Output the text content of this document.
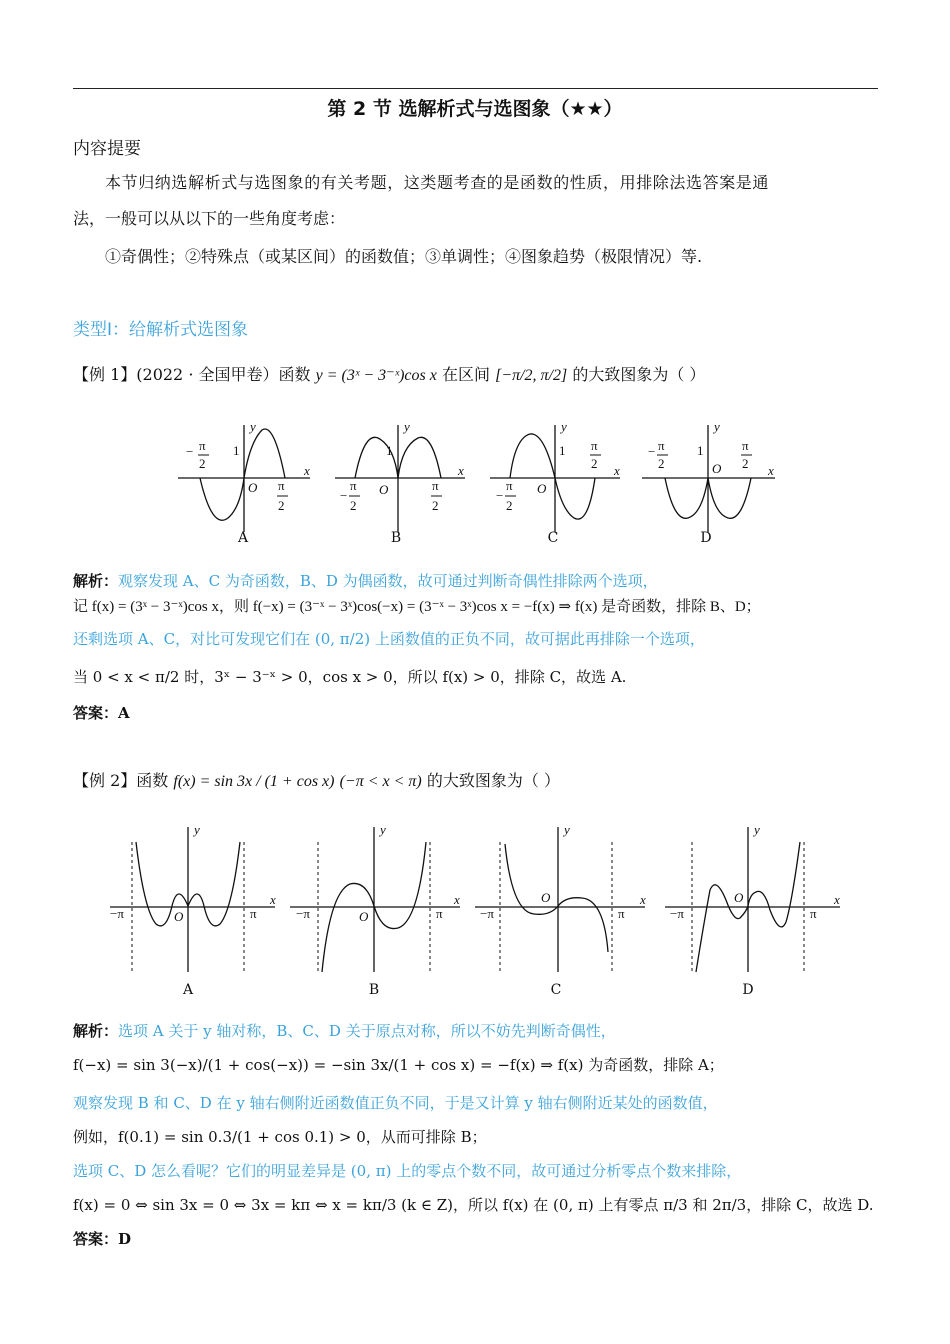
第 2 节 选解析式与选图象（★★）
内容提要
本节归纳选解析式与选图象的有关考题，这类题考查的是函数的性质，用排除法选答案是通
法，一般可以从以下的一些角度考虑：
①奇偶性；②特殊点（或某区间）的函数值；③单调性；④图象趋势（极限情况）等.
类型Ⅰ：给解析式选图象
【例 1】(2022 · 全国甲卷）函数 y = (3ˣ − 3⁻ˣ)cos x 在区间 [−π/2, π/2] 的大致图象为（ ）
y
x
O
1
− π
2
π
2
y
x
O
1
−
π
2
π
2
y
x
O
1
−
π
2
π
2
y
x
O
1
− π
2
π
2
A	B	C	D
解析：观察发现 A、C 为奇函数，B、D 为偶函数，故可通过判断奇偶性排除两个选项，
记 f(x) = (3ˣ − 3⁻ˣ)cos x，则 f(−x) = (3⁻ˣ − 3ˣ)cos(−x) = (3⁻ˣ − 3ˣ)cos x = −f(x) ⇒ f(x) 是奇函数，排除 B、D；
还剩选项 A、C，对比可发现它们在 (0, π/2) 上函数值的正负不同，故可据此再排除一个选项，
当 0 < x < π/2 时，3ˣ − 3⁻ˣ > 0，cos x > 0，所以 f(x) > 0，排除 C，故选 A.
答案：A
【例 2】函数 f(x) = sin 3x / (1 + cos x) (−π < x < π) 的大致图象为（ ）
y
x
O
−π	π
y
x
O
−π	π
y
x
O
−π	π
y
x
O
−π	π
A	B	C	D
解析：选项 A 关于 y 轴对称，B、C、D 关于原点对称，所以不妨先判断奇偶性，
f(−x) = sin 3(−x)/(1 + cos(−x)) = −sin 3x/(1 + cos x) = −f(x) ⇒ f(x) 为奇函数，排除 A；
观察发现 B 和 C、D 在 y 轴右侧附近函数值正负不同，于是又计算 y 轴右侧附近某处的函数值，
例如，f(0.1) = sin 0.3/(1 + cos 0.1) > 0，从而可排除 B；
选项 C、D 怎么看呢？它们的明显差异是 (0, π) 上的零点个数不同，故可通过分析零点个数来排除，
f(x) = 0 ⇔ sin 3x = 0 ⇔ 3x = kπ ⇔ x = kπ/3 (k ∈ Z)，所以 f(x) 在 (0, π) 上有零点 π/3 和 2π/3，排除 C，故选 D.
答案：D
